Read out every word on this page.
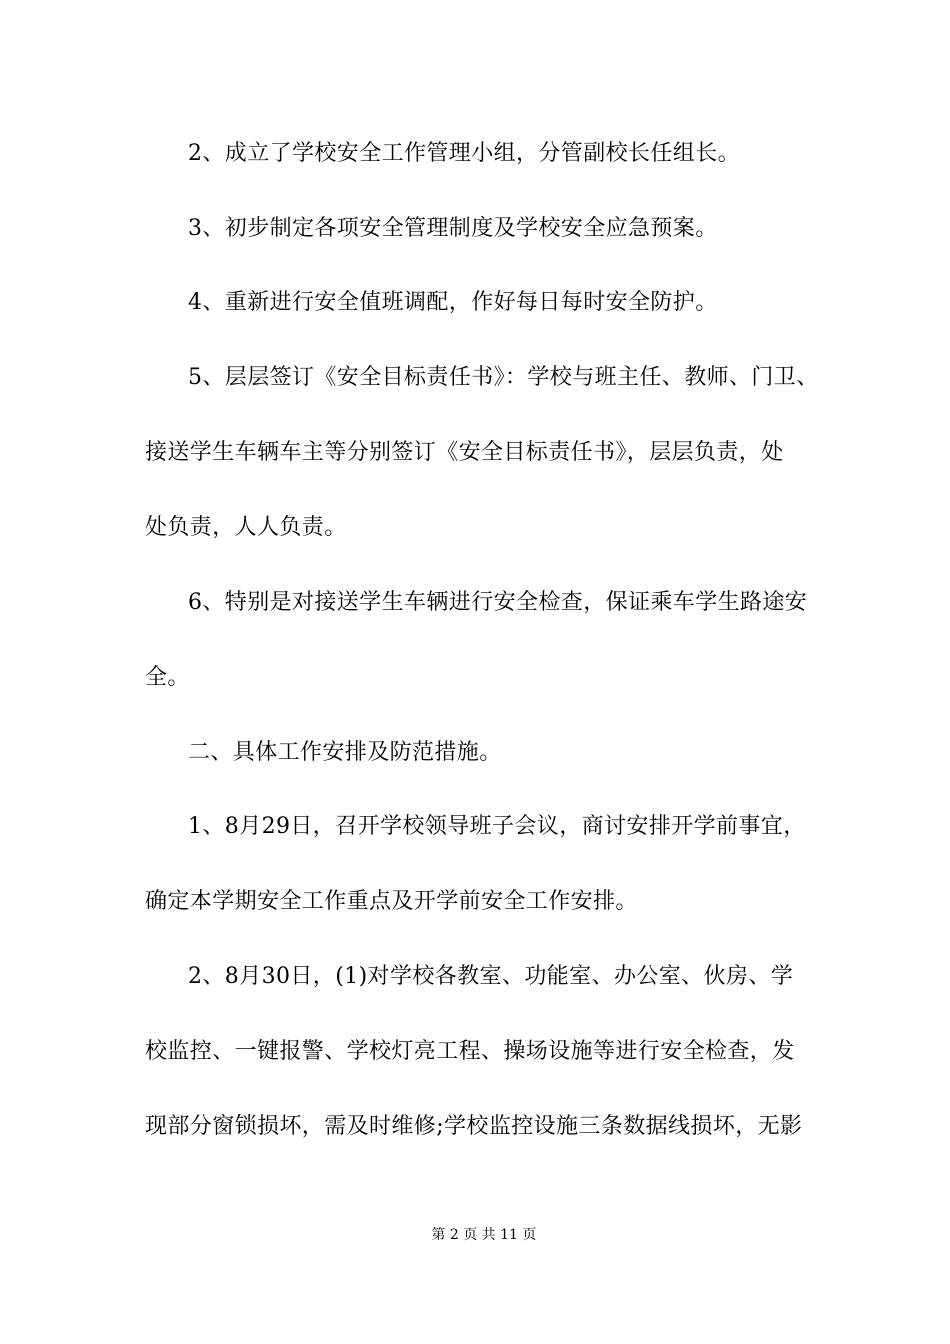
2、成立了学校安全工作管理小组，分管副校长任组长。
3、初步制定各项安全管理制度及学校安全应急预案。
4、重新进行安全值班调配，作好每日每时安全防护。
5、层层签订《安全目标责任书》：学校与班主任、教师、门卫、
接送学生车辆车主等分别签订《安全目标责任书》，层层负责，处
处负责，人人负责。
6、特别是对接送学生车辆进行安全检查，保证乘车学生路途安
全。
二、具体工作安排及防范措施。
1、8月29日，召开学校领导班子会议，商讨安排开学前事宜，
确定本学期安全工作重点及开学前安全工作安排。
2、8月30日，(1)对学校各教室、功能室、办公室、伙房、学
校监控、一键报警、学校灯亮工程、操场设施等进行安全检查，发
现部分窗锁损坏，需及时维修;学校监控设施三条数据线损坏，无影

第 2 页 共 11 页
